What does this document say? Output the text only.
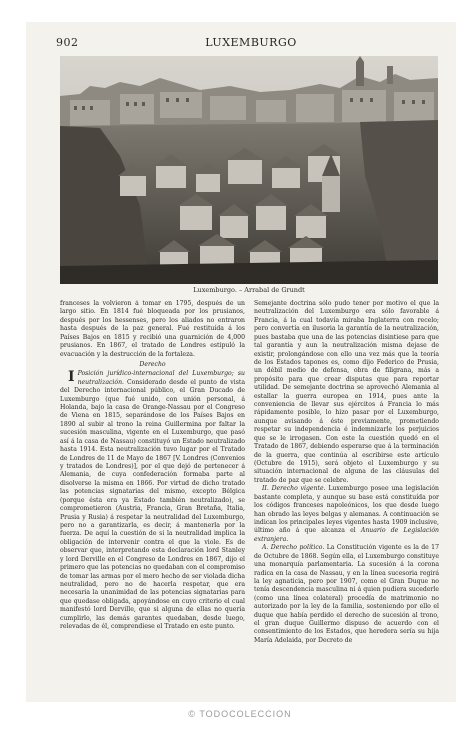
902	LUXEMBURGO
Luxemburgo. – Arrabal de Grundt

franceses la volvieron á tomar en 1795, después de un largo sitio. En 1814 fué bloqueada por los prusianos, después por los hessenses, pero los aliados no entraron hasta después de la paz general. Fué restituída á los Países Bajos en 1815 y recibió una guarnición de 4,000 prusianos. En 1867, el tratado de Londres estipuló la evacuación y la destrucción de la fortaleza.

Derecho

I Posición jurídico-internacional del Luxemburgo; su neutralización. Considerado desde el punto de vista del Derecho internacional público, el Gran Ducado de Luxemburgo (que fué unido, con unión personal, á Holanda, bajo la casa de Orange-Nassau por el Congreso de Viena en 1815, separándose de los Países Bajos en 1890 al subir al trono la reina Guillermina por faltar la sucesión masculina, vigente en el Luxemburgo, que pasó así á la casa de Nassau) constituyó un Estado neutralizado hasta 1914. Esta neutralización tuvo lugar por el Tratado de Londres de 11 de Mayo de 1867 [V. Londres (Convenios y tratados de Londres)], por el que dejó de pertenecer á Alemania, de cuya confederación formaba parte al disolverse la misma en 1866. Por virtud de dicho tratado las potencias signatarias del mismo, excepto Bélgica (porque ésta era ya Estado también neutralizado), se comprometieron (Austria, Francia, Gran Bretaña, Italia, Prusia y Rusia) á respetar la neutralidad del Luxemburgo, pero no a garantizarla, es decir, á mantenerla por la fuerza. De aquí la cuestión de si la neutralidad implica la obligación de intervenir contra el que la viole. Es de observar que, interpretando esta declaración lord Stanley y lord Derville en el Congreso de Londres en 1867, dijo el primero que las potencias no quedaban con el compromiso de tomar las armas por el mero hecho de ser violada dicha neutralidad, pero no de hacerla respetar, que era necesaria la unanimidad de las potencias signatarias para que quedase obligada, apoyándose en cuyo criterio el cual manifestó lord Derville, que si alguna de ellas no quería cumplirlo, las demás garantes quedaban, desde luego, relevadas de él, comprendiese el Tratado en este punto.

Semejante doctrina sólo pudo tener por motivo el que la neutralización del Luxemburgo era sólo favorable á Francia, á la cual todavía miraba Inglaterra con recelo; pero convertía en ilusoria la garantía de la neutralización, pues bastaba que una de las potencias disintiese para que tal garantía y aun la neutralización misma dejase de existir, prolongándose con ello una vez más que la teoría de los Estados tapones es, como dijo Federico de Prusia, un débil medio de defensa, obra de filigrana, más a propósito para que crear disputas que para reportar utilidad. De semejante doctrina se aprovechó Alemania al estallar la guerra europea en 1914, pues ante la conveniencia de llevar sus ejércitos á Francia lo más rápidamente posible, lo hizo pasar por el Luxemburgo, aunque avisando á éste previamente, prometiendo respetar su independencia é indemnizarle los perjuicios que se le irrogasen. Con este la cuestión quedó en el Tratado de 1867, debiendo esperarse que á la terminación de la guerra, que continúa al escribirse este artículo (Octubre de 1915), será objeto el Luxemburgo y su situación internacional de alguna de las cláusulas del tratado de paz que se celebre.

II. Derecho vigente. Luxemburgo posee una legislación bastante completa, y aunque su base está constituída por los códigos franceses napoleónicos, los que desde luego han obrado las leyes belgas y alemanas. A continuación se indican los principales leyes vigentes hasta 1909 inclusive, último año á que alcanza el Anuario de Legislación extranjera.

A. Derecho político. La Constitución vigente es la de 17 de Octubre de 1868. Según ella, el Luxemburgo constituye una monarquía parlamentaria. La sucesión á la corona radica en la casa de Nassau, y en la línea sucesoria regirá la ley agnaticia, pero por 1907, como el Gran Duque no tenía descendencia masculina ni á quien pudiera sucederle (como una línea colateral) procedía de matrimonio no autorizado por la ley de la familia, sosteniendo por ello el duque que había perdido el derecho de sucesión al trono, el gran duque Guillermo dispuso de acuerdo con el consentimiento de los Estados, que heredera sería su hija María Adelaida, por Decreto de

© TODOCOLECCION
